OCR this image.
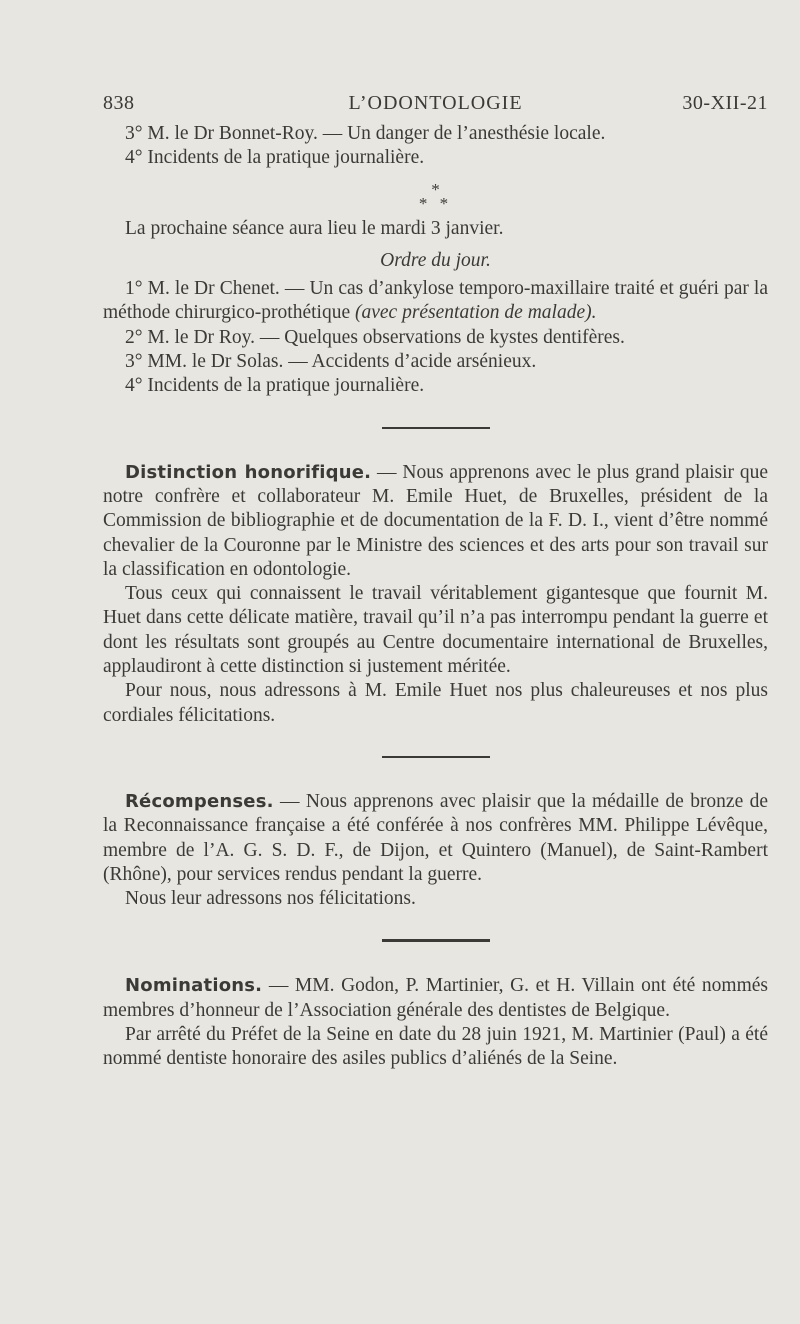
838	L’ODONTOLOGIE	30-XII-21

3° M. le Dr Bonnet-Roy. — Un danger de l’anesthésie locale.

4° Incidents de la pratique journalière.

*
* *

La prochaine séance aura lieu le mardi 3 janvier.

Ordre du jour.

1° M. le Dr Chenet. — Un cas d’ankylose temporo-maxillaire traité et guéri par la méthode chirurgico-prothétique (avec présentation de malade).

2° M. le Dr Roy. — Quelques observations de kystes dentifères.

3° MM. le Dr Solas. — Accidents d’acide arsénieux.

4° Incidents de la pratique journalière.

Distinction honorifique. — Nous apprenons avec le plus grand plaisir que notre confrère et collaborateur M. Emile Huet, de Bruxelles, président de la Commission de bibliographie et de documentation de la F. D. I., vient d’être nommé chevalier de la Couronne par le Ministre des sciences et des arts pour son travail sur la classification en odontologie.

Tous ceux qui connaissent le travail véritablement gigantesque que fournit M. Huet dans cette délicate matière, travail qu’il n’a pas interrompu pendant la guerre et dont les résultats sont groupés au Centre documentaire international de Bruxelles, applaudiront à cette distinction si justement méritée.

Pour nous, nous adressons à M. Emile Huet nos plus chaleureuses et nos plus cordiales félicitations.

Récompenses. — Nous apprenons avec plaisir que la médaille de bronze de la Reconnaissance française a été conférée à nos confrères MM. Philippe Lévêque, membre de l’A. G. S. D. F., de Dijon, et Quintero (Manuel), de Saint-Rambert (Rhône), pour services rendus pendant la guerre.

Nous leur adressons nos félicitations.

Nominations. — MM. Godon, P. Martinier, G. et H. Villain ont été nommés membres d’honneur de l’Association générale des dentistes de Belgique.

Par arrêté du Préfet de la Seine en date du 28 juin 1921, M. Martinier (Paul) a été nommé dentiste honoraire des asiles publics d’aliénés de la Seine.
